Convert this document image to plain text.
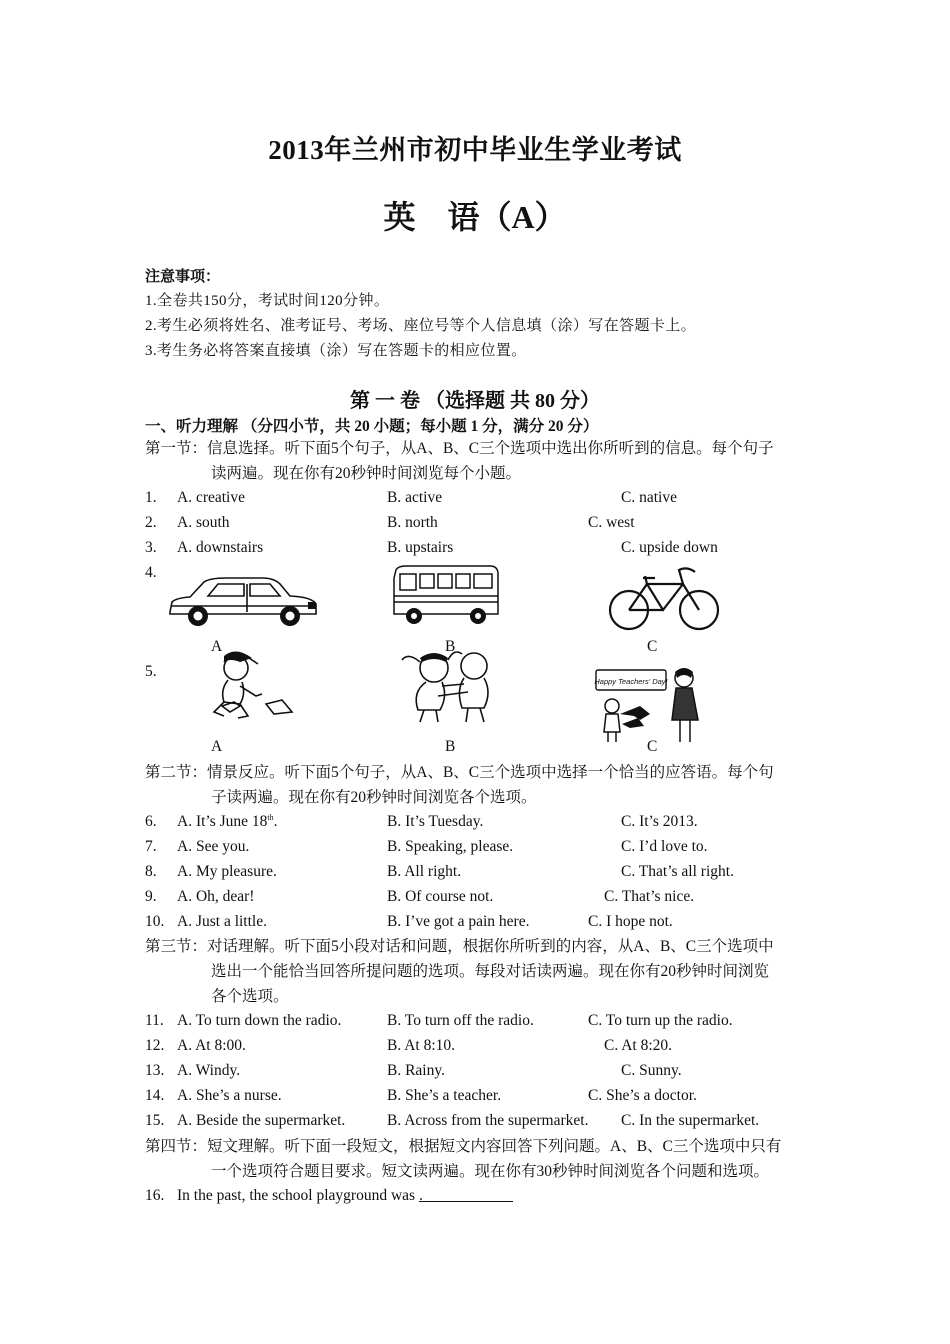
2013年兰州市初中毕业生学业考试
英　语（A）
注意事项：
1.全卷共150分，考试时间120分钟。
2.考生必须将姓名、准考证号、考场、座位号等个人信息填（涂）写在答题卡上。
3.考生务必将答案直接填（涂）写在答题卡的相应位置。
第 一 卷 （选择题 共 80 分）
一、听力理解 （分四小节，共 20 小题；每小题 1 分，满分 20 分）
第一节：信息选择。听下面5个句子，从A、B、C三个选项中选出你所听到的信息。每个句子
读两遍。现在你有20秒钟时间浏览每个小题。
1. A. creative	B. active	C. native
2. A. south	B. north	C. west
3. A. downstairs	B. upstairs	C. upside down
4.
A	B	C
5.
Happy Teachers' Day!
A	B	C
第二节：情景反应。听下面5个句子，从A、B、C三个选项中选择一个恰当的应答语。每个句
子读两遍。现在你有20秒钟时间浏览各个选项。
6. A. It’s June 18th.	B. It’s Tuesday.	C. It’s 2013.
7. A. See you.	B. Speaking, please.	C. I’d love to.
8. A. My pleasure.	B. All right.	C. That’s all right.
9. A. Oh, dear!	B. Of course not.	C. That’s nice.
10. A. Just a little.	B. I’ve got a pain here.	C. I hope not.
第三节：对话理解。听下面5小段对话和问题，根据你所听到的内容，从A、B、C三个选项中
选出一个能恰当回答所提问题的选项。每段对话读两遍。现在你有20秒钟时间浏览
各个选项。
11. A. To turn down the radio.	B. To turn off the radio.	C. To turn up the radio.
12. A. At 8:00.	B. At 8:10.	C. At 8:20.
13. A. Windy.	B. Rainy.	C. Sunny.
14. A. She’s a nurse.	B. She’s a teacher.	C. She’s a doctor.
15. A. Beside the supermarket.	B. Across from the supermarket. C. In the supermarket.
第四节：短文理解。听下面一段短文，根据短文内容回答下列问题。A、B、C三个选项中只有
一个选项符合题目要求。短文读两遍。现在你有30秒钟时间浏览各个问题和选项。
16. In the past, the school playground was .
